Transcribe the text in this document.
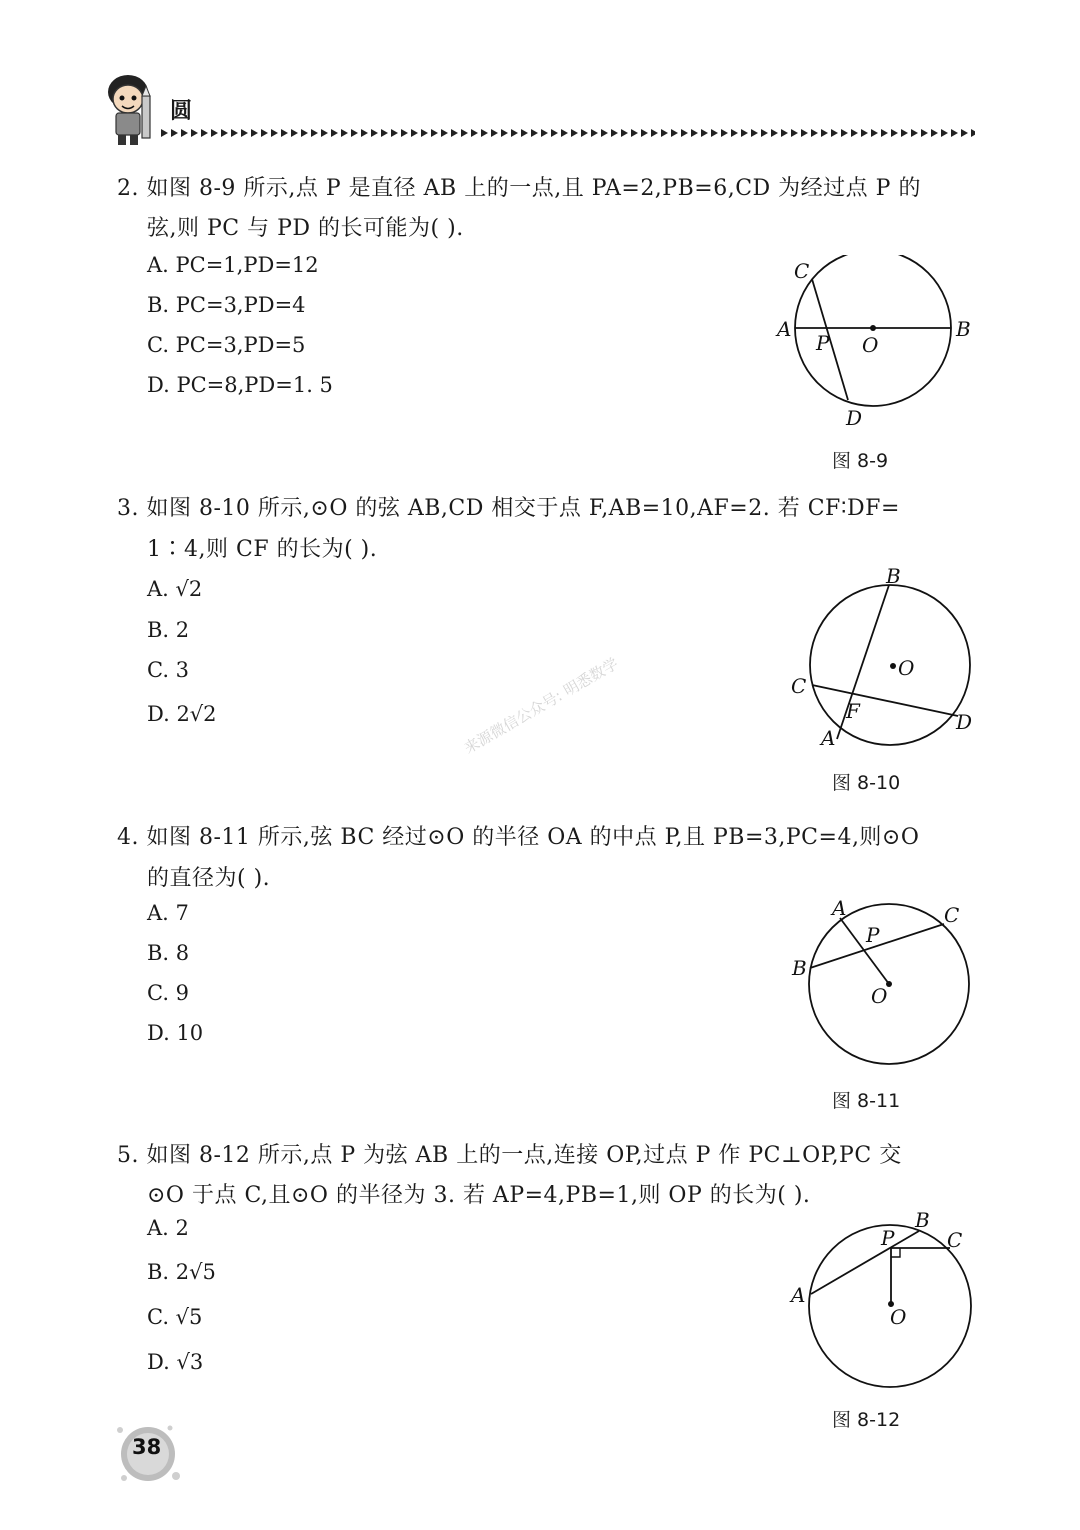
圆
2. 如图 8-9 所示,点 P 是直径 AB 上的一点,且 PA=2,PB=6,CD 为经过点 P 的
弦,则 PC 与 PD 的长可能为( ).
A. PC=1,PD=12
B. PC=3,PD=4
C. PC=3,PD=5
D. PC=8,PD=1. 5
C
A
P O
B
D
图 8-9
3. 如图 8-10 所示,⊙O 的弦 AB,CD 相交于点 F,AB=10,AF=2. 若 CF∶DF=
1∶4,则 CF 的长为( ).
A. √2
B. 2
C. 3
D. 2√2
B
O
C
F	D
A
图 8-10
来源微信公众号: 明悉数学
4. 如图 8-11 所示,弦 BC 经过⊙O 的半径 OA 的中点 P,且 PB=3,PC=4,则⊙O
的直径为( ).
A. 7
B. 8
C. 9
D. 10
A	C
P
B
O
图 8-11
5. 如图 8-12 所示,点 P 为弦 AB 上的一点,连接 OP,过点 P 作 PC⊥OP,PC 交
⊙O 于点 C,且⊙O 的半径为 3. 若 AP=4,PB=1,则 OP 的长为( ).
A. 2
B. 2√5
C. √5
D. √3
B
P	C
A
O
图 8-12
38
